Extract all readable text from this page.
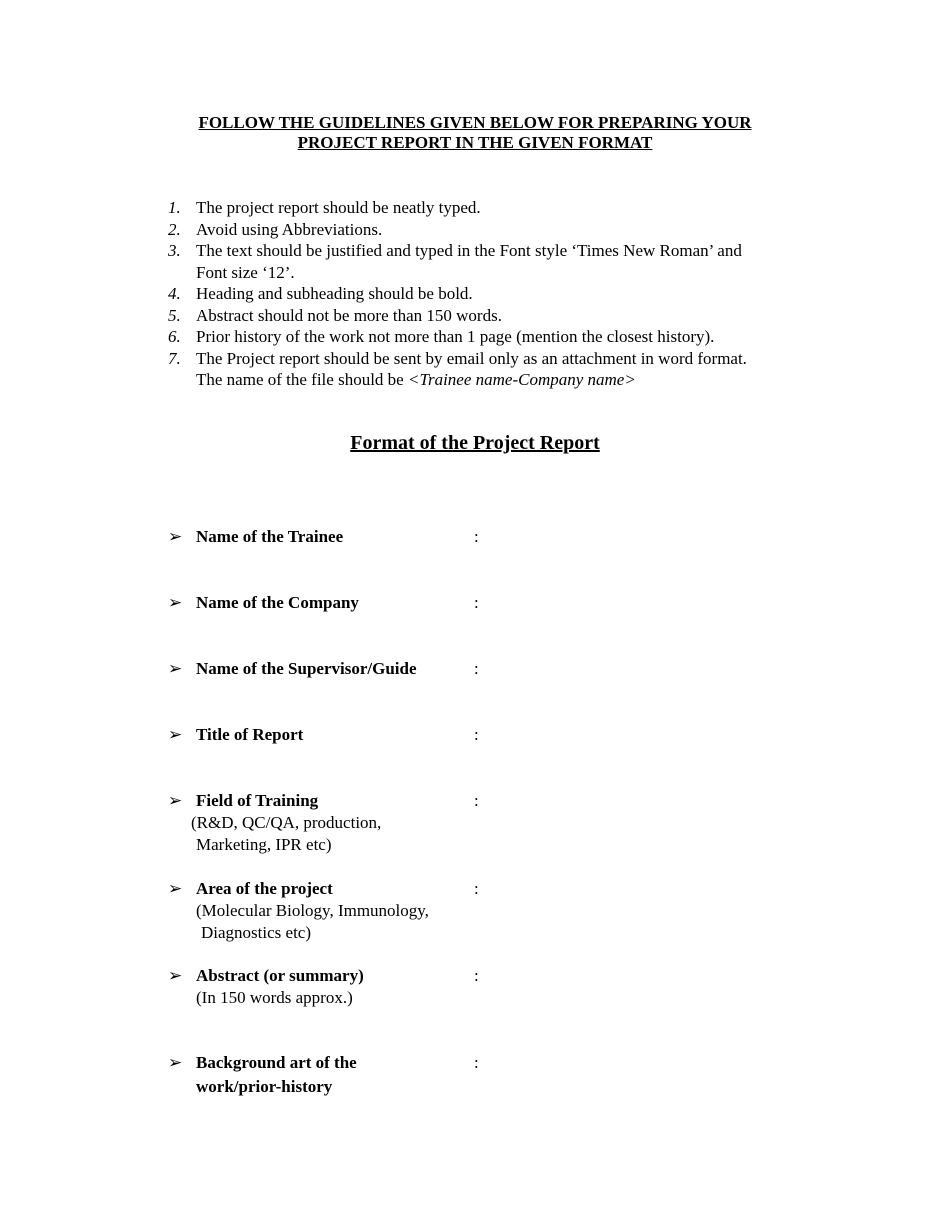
FOLLOW THE GUIDELINES GIVEN BELOW FOR PREPARING YOUR
PROJECT REPORT IN THE GIVEN FORMAT
1. The project report should be neatly typed.
2. Avoid using Abbreviations.
3. The text should be justified and typed in the Font style ‘Times New Roman’ and
Font size ‘12’.
4. Heading and subheading should be bold.
5. Abstract should not be more than 150 words.
6. Prior history of the work not more than 1 page (mention the closest history).
7. The Project report should be sent by email only as an attachment in word format.
The name of the file should be <Trainee name-Company name>
Format of the Project Report
➢ Name of the Trainee	:
➢ Name of the Company	:
➢ Name of the Supervisor/Guide	:
➢ Title of Report	:
➢ Field of Training	:
(R&D, QC/QA, production,
Marketing, IPR etc)
➢ Area of the project	:
(Molecular Biology, Immunology,
Diagnostics etc)
➢ Abstract (or summary)	:
(In 150 words approx.)
➢ Background art of the
work/prior-history
:
